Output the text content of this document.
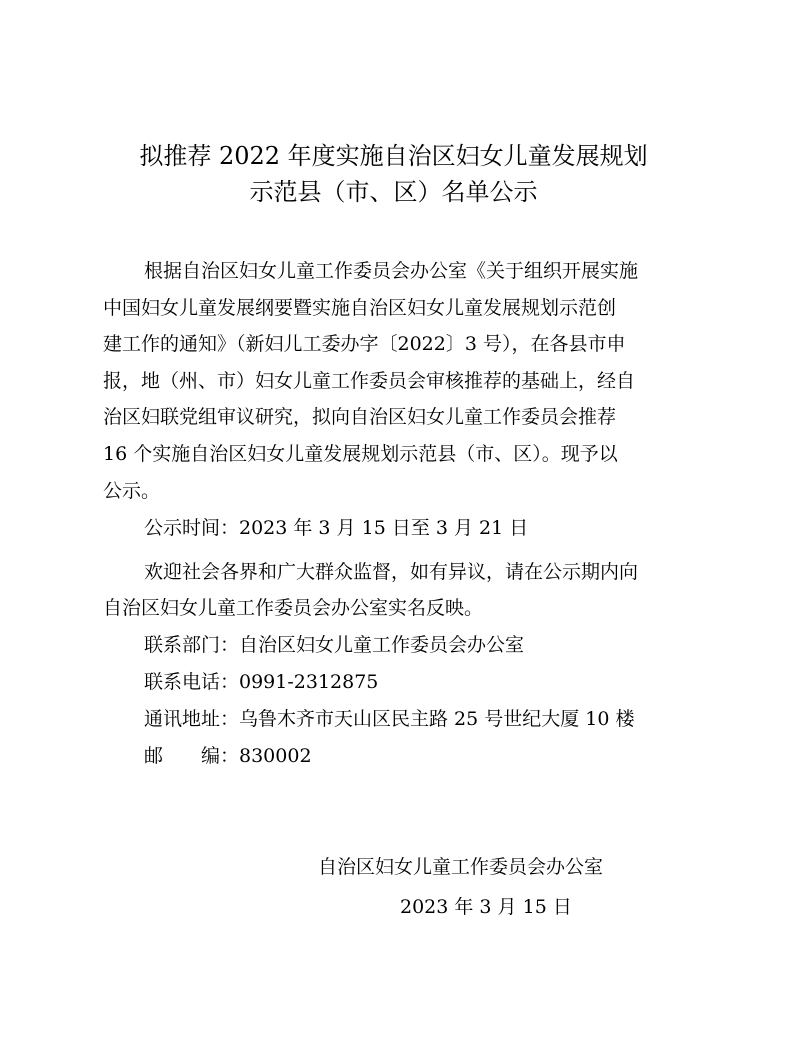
拟推荐 2022 年度实施自治区妇女儿童发展规划
示范县（市、区）名单公示
根据自治区妇女儿童工作委员会办公室《关于组织开展实施
中国妇女儿童发展纲要暨实施自治区妇女儿童发展规划示范创
建工作的通知》（新妇儿工委办字〔2022〕3 号），在各县市申
报，地（州、市）妇女儿童工作委员会审核推荐的基础上，经自
治区妇联党组审议研究，拟向自治区妇女儿童工作委员会推荐
16 个实施自治区妇女儿童发展规划示范县（市、区）。现予以
公示。
公示时间：2023 年 3 月 15 日至 3 月 21 日
欢迎社会各界和广大群众监督，如有异议，请在公示期内向
自治区妇女儿童工作委员会办公室实名反映。
联系部门：自治区妇女儿童工作委员会办公室
联系电话：0991-2312875
通讯地址：乌鲁木齐市天山区民主路 25 号世纪大厦 10 楼
邮　　编：830002
自治区妇女儿童工作委员会办公室
2023 年 3 月 15 日
